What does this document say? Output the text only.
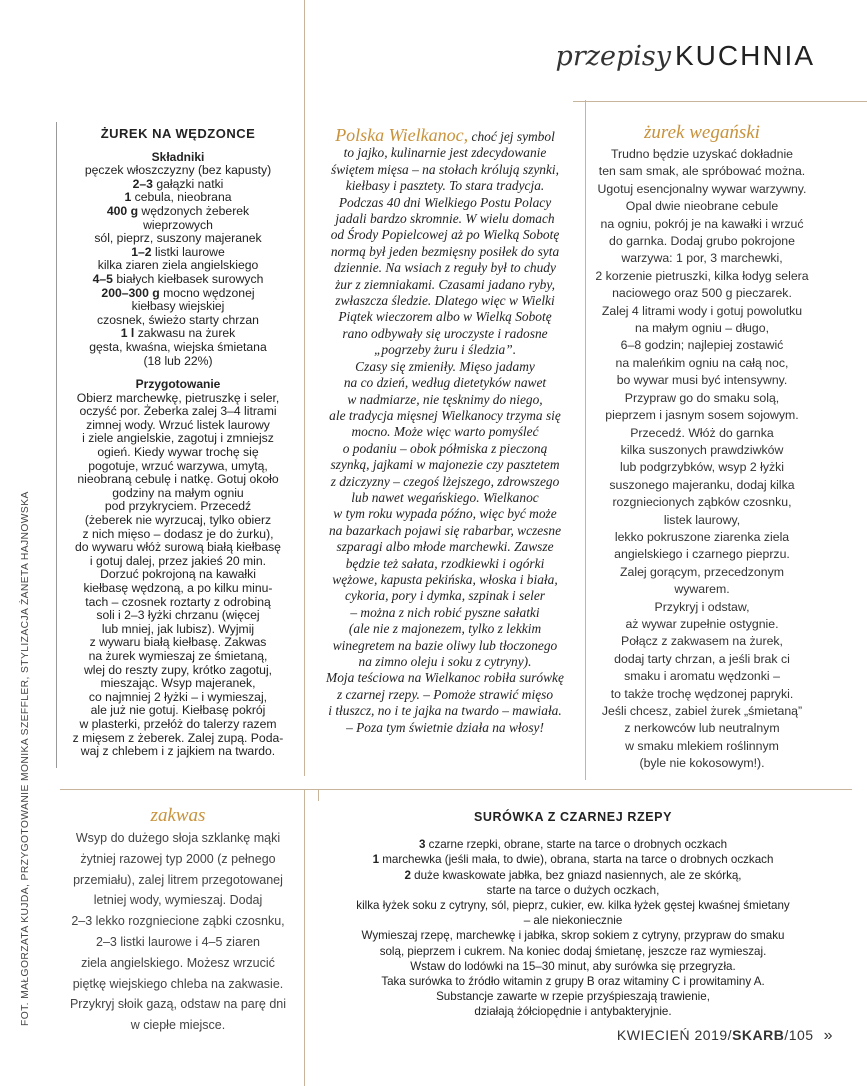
przepisy KUCHNIA
FOT. MAŁGORZATA KUJDA, PRZYGOTOWANIE MONIKA SZEFFLER, STYLIZACJA ŻANETA HAJNOWSKA
ŻUREK NA WĘDZONCE
Składniki
pęczek włoszczyzny (bez kapusty)
2–3 gałązki natki
1 cebula, nieobrana
400 g wędzonych żeberek
wieprzowych
sól, pieprz, suszony majeranek
1–2 listki laurowe
kilka ziaren ziela angielskiego
4–5 białych kiełbasek surowych
200–300 g mocno wędzonej
kiełbasy wiejskiej
czosnek, świeżo starty chrzan
1 l zakwasu na żurek
gęsta, kwaśna, wiejska śmietana
(18 lub 22%)
Przygotowanie
Obierz marchewkę, pietruszkę i seler,
oczyść por. Żeberka zalej 3–4 litrami
zimnej wody. Wrzuć listek laurowy
i ziele angielskie, zagotuj i zmniejsz
ogień. Kiedy wywar trochę się
pogotuje, wrzuć warzywa, umytą,
nieobraną cebulę i natkę. Gotuj około
godziny na małym ogniu
pod przykryciem. Przecedź
(żeberek nie wyrzucaj, tylko obierz
z nich mięso – dodasz je do żurku),
do wywaru włóż surową białą kiełbasę
i gotuj dalej, przez jakieś 20 min.
Dorzuć pokrojoną na kawałki
kiełbasę wędzoną, a po kilku minu-
tach – czosnek roztarty z odrobiną
soli i 2–3 łyżki chrzanu (więcej
lub mniej, jak lubisz). Wyjmij
z wywaru białą kiełbasę. Zakwas
na żurek wymieszaj ze śmietaną,
wlej do reszty zupy, krótko zagotuj,
mieszając. Wsyp majeranek,
co najmniej 2 łyżki – i wymieszaj,
ale już nie gotuj. Kiełbasę pokrój
w plasterki, przełóż do talerzy razem
z mięsem z żeberek. Zalej zupą. Poda-
waj z chlebem i z jajkiem na twardo.
Polska Wielkanoc, choć jej symbol
to jajko, kulinarnie jest zdecydowanie
świętem mięsa – na stołach królują szynki,
kiełbasy i pasztety. To stara tradycja.
Podczas 40 dni Wielkiego Postu Polacy
jadali bardzo skromnie. W wielu domach
od Środy Popielcowej aż po Wielką Sobotę
normą był jeden bezmięsny posiłek do syta
dziennie. Na wsiach z reguły był to chudy
żur z ziemniakami. Czasami jadano ryby,
zwłaszcza śledzie. Dlatego więc w Wielki
Piątek wieczorem albo w Wielką Sobotę
rano odbywały się uroczyste i radosne
„pogrzeby żuru i śledzia”.
Czasy się zmieniły. Mięso jadamy
na co dzień, według dietetyków nawet
w nadmiarze, nie tęsknimy do niego,
ale tradycja mięsnej Wielkanocy trzyma się
mocno. Może więc warto pomyśleć
o podaniu – obok półmiska z pieczoną
szynką, jajkami w majonezie czy pasztetem
z dziczyzny – czegoś lżejszego, zdrowszego
lub nawet wegańskiego. Wielkanoc
w tym roku wypada późno, więc być może
na bazarkach pojawi się rabarbar, wczesne
szparagi albo młode marchewki. Zawsze
będzie też sałata, rzodkiewki i ogórki
wężowe, kapusta pekińska, włoska i biała,
cykoria, pory i dymka, szpinak i seler
– można z nich robić pyszne sałatki
(ale nie z majonezem, tylko z lekkim
winegretem na bazie oliwy lub tłoczonego
na zimno oleju i soku z cytryny).
Moja teściowa na Wielkanoc robiła surówkę
z czarnej rzepy. – Pomoże strawić mięso
i tłuszcz, no i te jajka na twardo – mawiała.
– Poza tym świetnie działa na włosy!
żurek wegański
Trudno będzie uzyskać dokładnie
ten sam smak, ale spróbować można.
Ugotuj esencjonalny wywar warzywny.
Opal dwie nieobrane cebule
na ogniu, pokrój je na kawałki i wrzuć
do garnka. Dodaj grubo pokrojone
warzywa: 1 por, 3 marchewki,
2 korzenie pietruszki, kilka łodyg selera
naciowego oraz 500 g pieczarek.
Zalej 4 litrami wody i gotuj powolutku
na małym ogniu – długo,
6–8 godzin; najlepiej zostawić
na maleńkim ogniu na całą noc,
bo wywar musi być intensywny.
Przypraw go do smaku solą,
pieprzem i jasnym sosem sojowym.
Przecedź. Włóż do garnka
kilka suszonych prawdziwków
lub podgrzybków, wsyp 2 łyżki
suszonego majeranku, dodaj kilka
rozgniecionych ząbków czosnku,
listek laurowy,
lekko pokruszone ziarenka ziela
angielskiego i czarnego pieprzu.
Zalej gorącym, przecedzonym
wywarem.
Przykryj i odstaw,
aż wywar zupełnie ostygnie.
Połącz z zakwasem na żurek,
dodaj tarty chrzan, a jeśli brak ci
smaku i aromatu wędzonki –
to także trochę wędzonej papryki.
Jeśli chcesz, zabiel żurek „śmietaną”
z nerkowców lub neutralnym
w smaku mlekiem roślinnym
(byle nie kokosowym!).
zakwas
Wsyp do dużego słoja szklankę mąki
żytniej razowej typ 2000 (z pełnego
przemiału), zalej litrem przegotowanej
letniej wody, wymieszaj. Dodaj
2–3 lekko rozgniecione ząbki czosnku,
2–3 listki laurowe i 4–5 ziaren
ziela angielskiego. Możesz wrzucić
piętkę wiejskiego chleba na zakwasie.
Przykryj słoik gazą, odstaw na parę dni
w ciepłe miejsce.
SURÓWKA Z CZARNEJ RZEPY
3 czarne rzepki, obrane, starte na tarce o drobnych oczkach
1 marchewka (jeśli mała, to dwie), obrana, starta na tarce o drobnych oczkach
2 duże kwaskowate jabłka, bez gniazd nasiennych, ale ze skórką,
starte na tarce o dużych oczkach,
kilka łyżek soku z cytryny, sól, pieprz, cukier, ew. kilka łyżek gęstej kwaśnej śmietany
– ale niekoniecznie
Wymieszaj rzepę, marchewkę i jabłka, skrop sokiem z cytryny, przypraw do smaku
solą, pieprzem i cukrem. Na koniec dodaj śmietanę, jeszcze raz wymieszaj.
Wstaw do lodówki na 15–30 minut, aby surówka się przegryzła.
Taka surówka to źródło witamin z grupy B oraz witaminy C i prowitaminy A.
Substancje zawarte w rzepie przyśpieszają trawienie,
działają żółciopędnie i antybakteryjnie.
KWIECIEŃ 2019/SKARB/105 »
